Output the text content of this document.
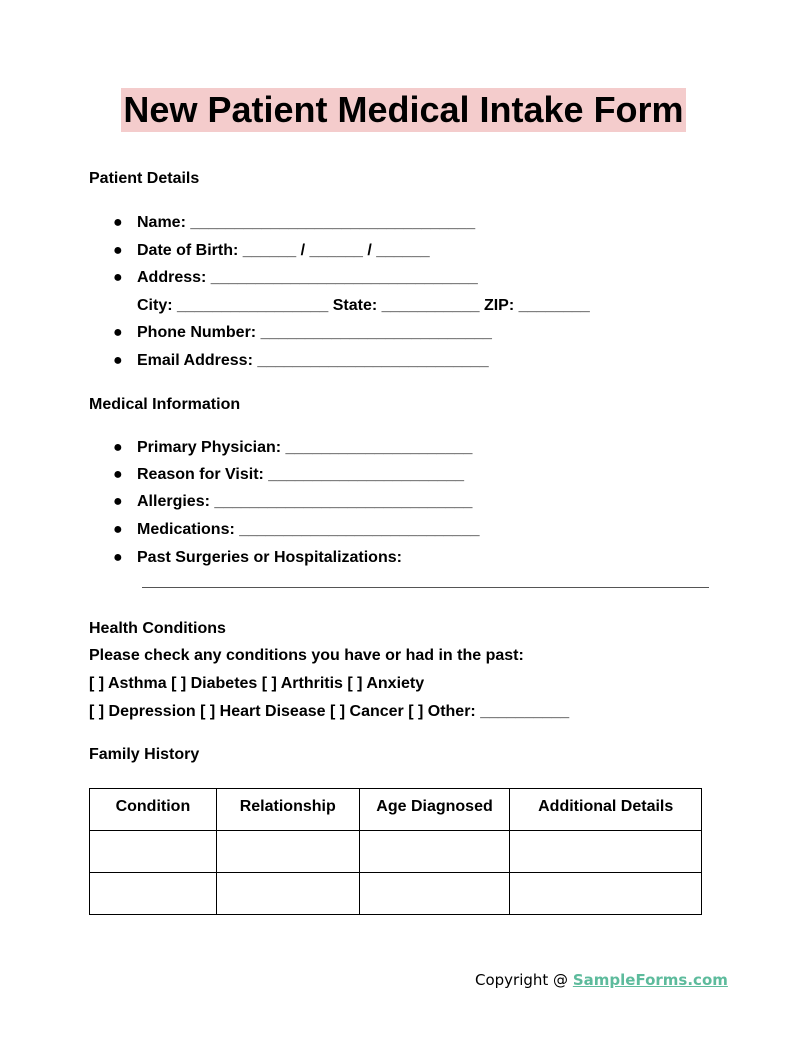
New Patient Medical Intake Form
Patient Details
● Name: ________________________________
● Date of Birth: ______ / ______ / ______
● Address: ______________________________
City: _________________ State: ___________ ZIP: ________
● Phone Number: __________________________
● Email Address: __________________________
Medical Information
● Primary Physician: _____________________
● Reason for Visit: ______________________
● Allergies: _____________________________
● Medications: ___________________________
● Past Surgeries or Hospitalizations:
Health Conditions
Please check any conditions you have or had in the past:
[ ] Asthma [ ] Diabetes [ ] Arthritis [ ] Anxiety
[ ] Depression [ ] Heart Disease [ ] Cancer [ ] Other: __________
Family History
Condition	Relationship	Age Diagnosed	Additional Details

Copyright @ SampleForms.com
